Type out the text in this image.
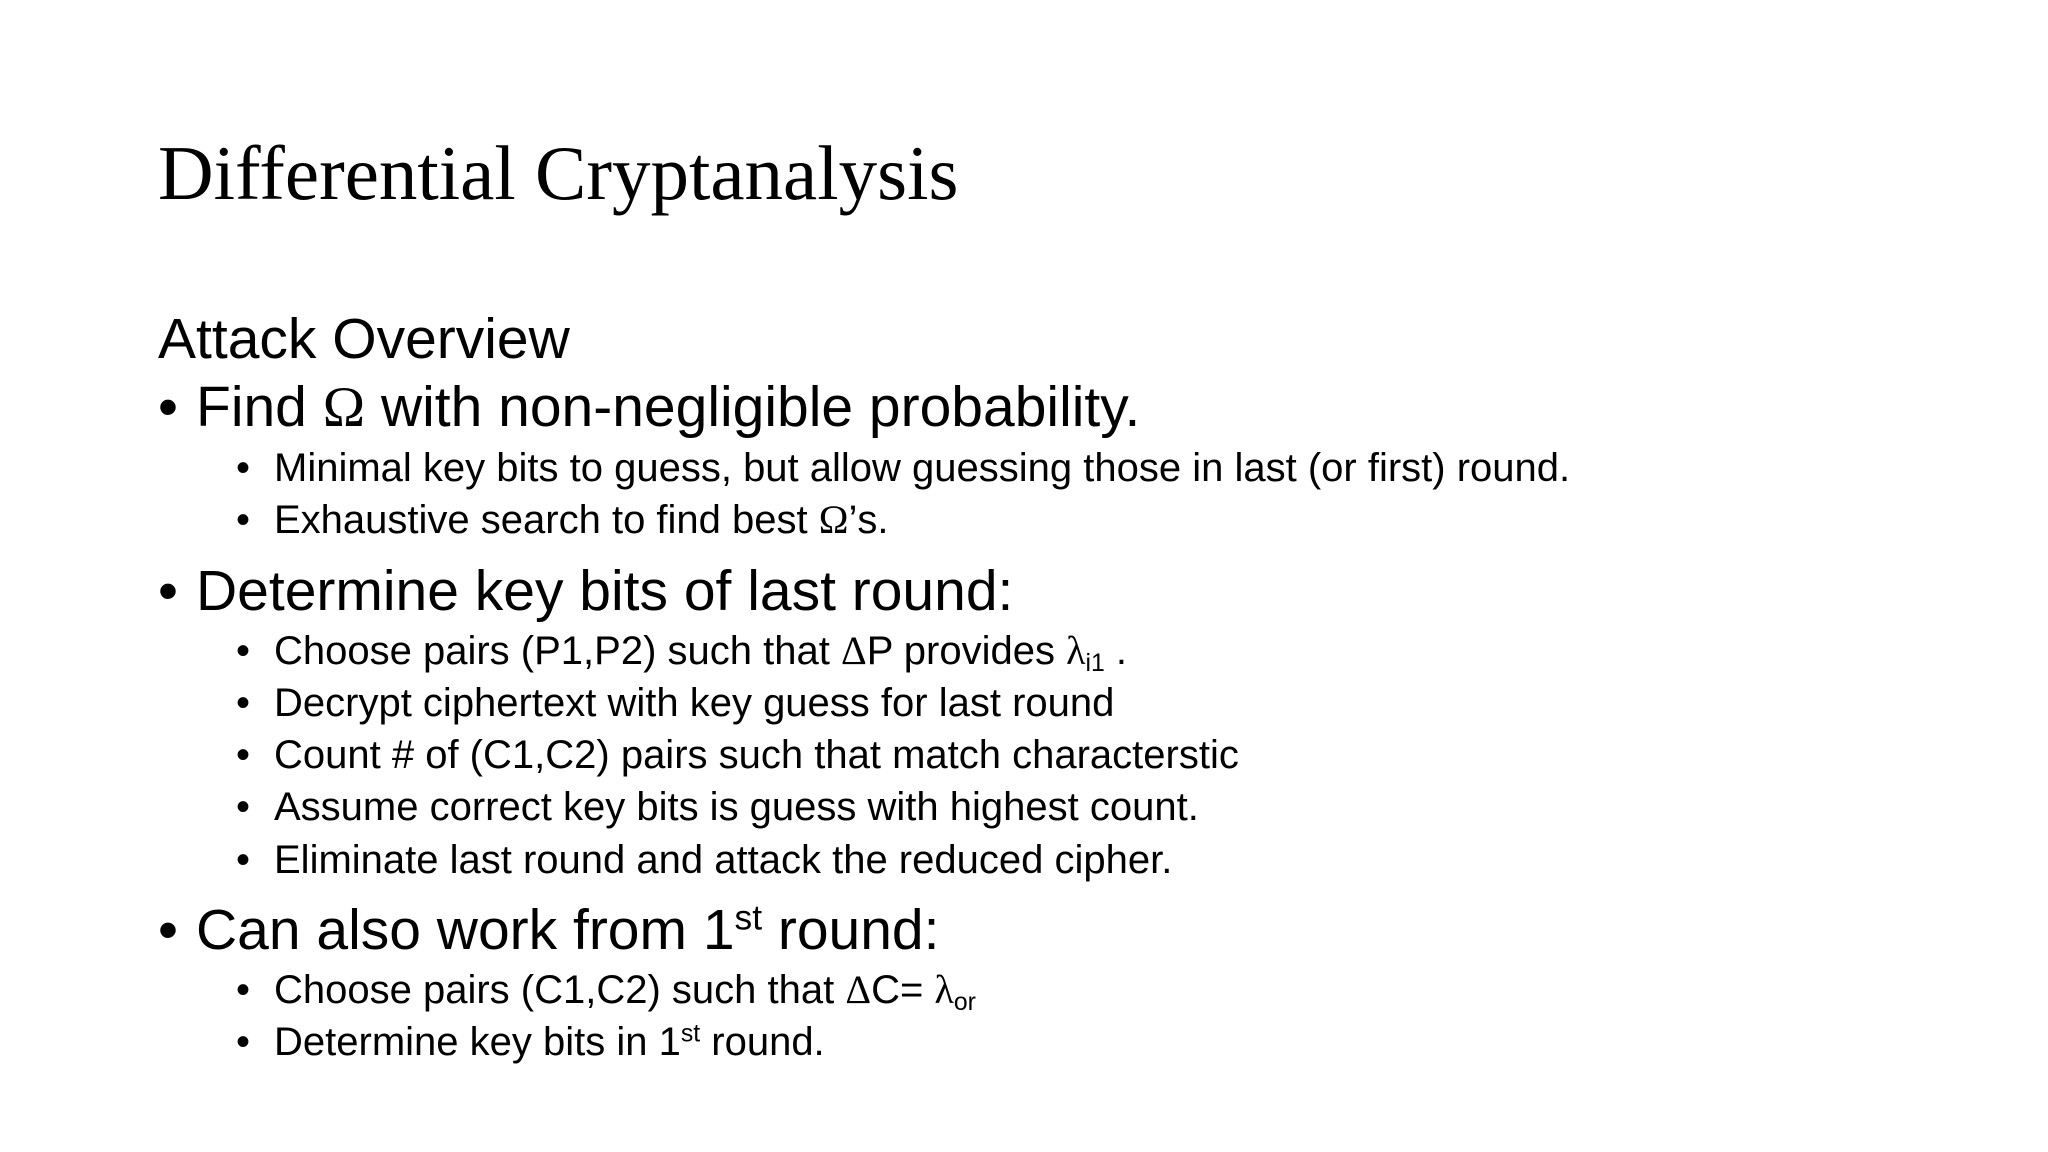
Differential Cryptanalysis
Attack Overview
• Find Ω with non-negligible probability.
• Minimal key bits to guess, but allow guessing those in last (or first) round.
• Exhaustive search to find best Ω’s.
• Determine key bits of last round:
• Choose pairs (P1,P2) such that ΔP provides $\lambda_{i1}$ .
• Decrypt ciphertext with key guess for last round
• Count # of (C1,C2) pairs such that match characterstic
• Assume correct key bits is guess with highest count.
• Eliminate last round and attack the reduced cipher.
• Can also work from 1st round:
• Choose pairs (C1,C2) such that $\Delta C= \lambda_{or}$
• Determine key bits in 1st round.
